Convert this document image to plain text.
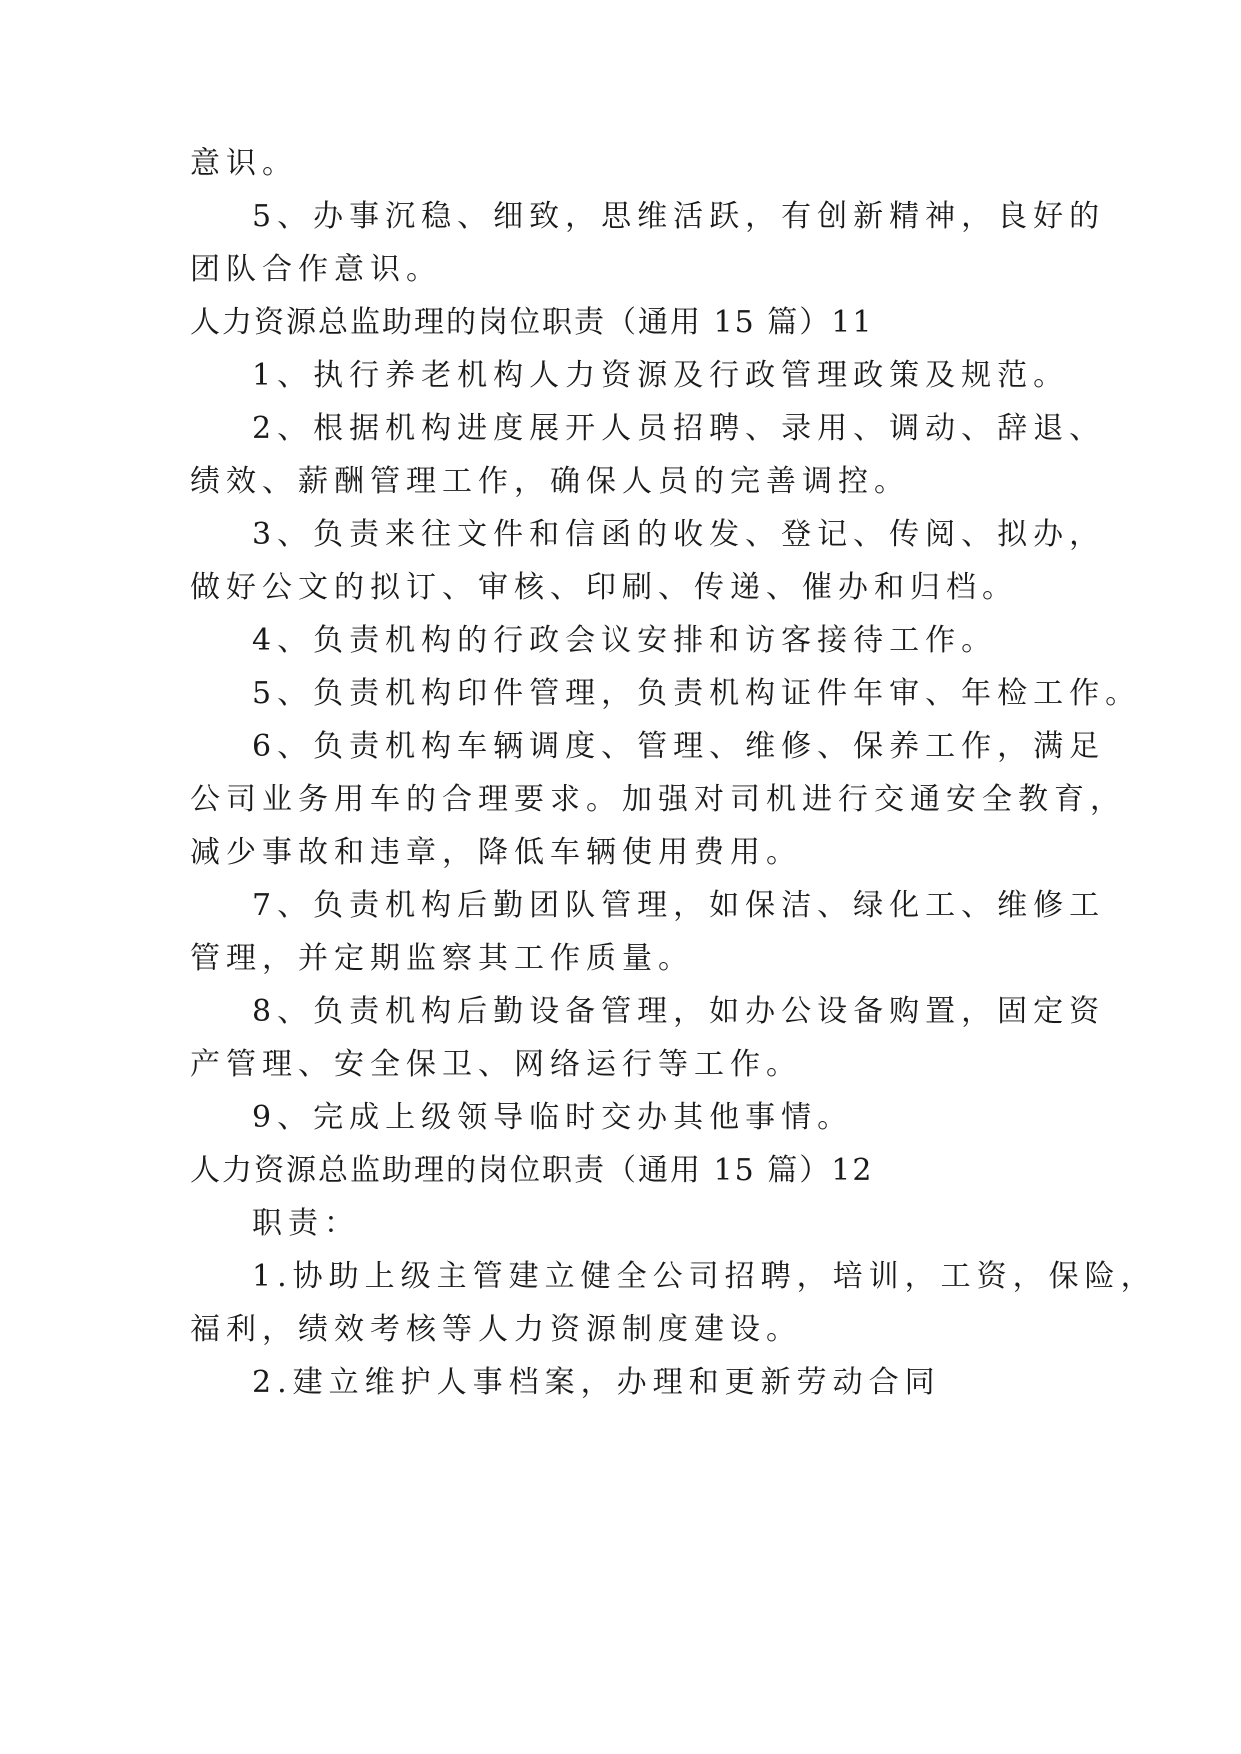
意识。
5、办事沉稳、细致，思维活跃，有创新精神，良好的
团队合作意识。
人力资源总监助理的岗位职责（通用 15 篇）11
1、执行养老机构人力资源及行政管理政策及规范。
2、根据机构进度展开人员招聘、录用、调动、辞退、
绩效、薪酬管理工作，确保人员的完善调控。
3、负责来往文件和信函的收发、登记、传阅、拟办，
做好公文的拟订、审核、印刷、传递、催办和归档。
4、负责机构的行政会议安排和访客接待工作。
5、负责机构印件管理，负责机构证件年审、年检工作。
6、负责机构车辆调度、管理、维修、保养工作，满足
公司业务用车的合理要求。加强对司机进行交通安全教育，
减少事故和违章，降低车辆使用费用。
7、负责机构后勤团队管理，如保洁、绿化工、维修工
管理，并定期监察其工作质量。
8、负责机构后勤设备管理，如办公设备购置，固定资
产管理、安全保卫、网络运行等工作。
9、完成上级领导临时交办其他事情。
人力资源总监助理的岗位职责（通用 15 篇）12
职责：
1.协助上级主管建立健全公司招聘，培训，工资，保险，
福利，绩效考核等人力资源制度建设。
2.建立维护人事档案，办理和更新劳动合同
